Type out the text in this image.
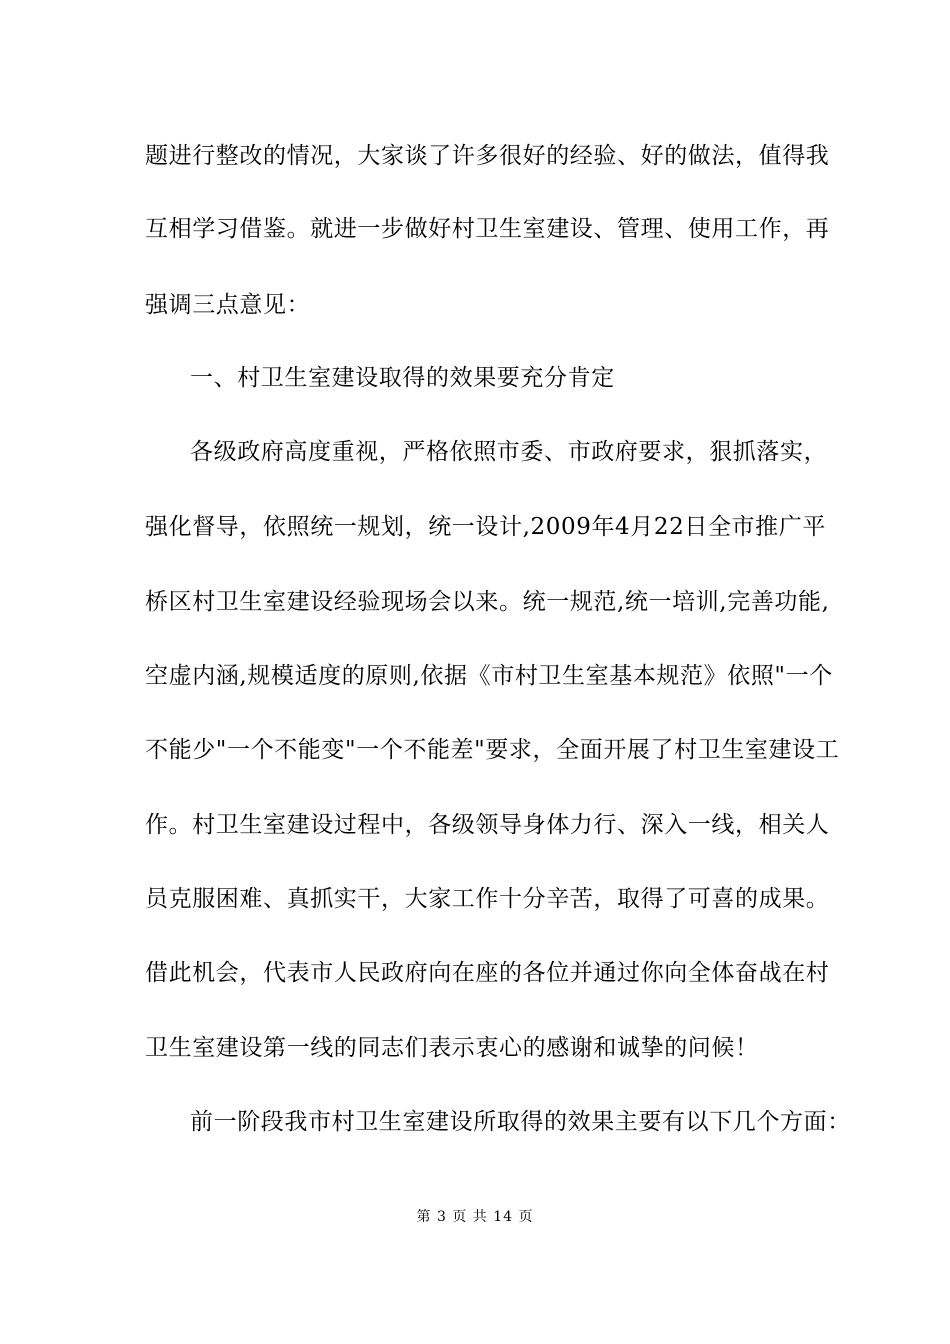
题进行整改的情况，大家谈了许多很好的经验、好的做法，值得我
互相学习借鉴。就进一步做好村卫生室建设、管理、使用工作，再
强调三点意见：
一、村卫生室建设取得的效果要充分肯定
各级政府高度重视，严格依照市委、市政府要求，狠抓落实，
强化督导，依照统一规划，统一设计,2009年4月22日全市推广平
桥区村卫生室建设经验现场会以来。统一规范,统一培训,完善功能,
空虚内涵,规模适度的原则,依据《市村卫生室基本规范》依照"一个
不能少"一个不能变"一个不能差"要求，全面开展了村卫生室建设工
作。村卫生室建设过程中，各级领导身体力行、深入一线，相关人
员克服困难、真抓实干，大家工作十分辛苦，取得了可喜的成果。
借此机会，代表市人民政府向在座的各位并通过你向全体奋战在村
卫生室建设第一线的同志们表示衷心的感谢和诚挚的问候！
前一阶段我市村卫生室建设所取得的效果主要有以下几个方面：
第 3 页 共 14 页
